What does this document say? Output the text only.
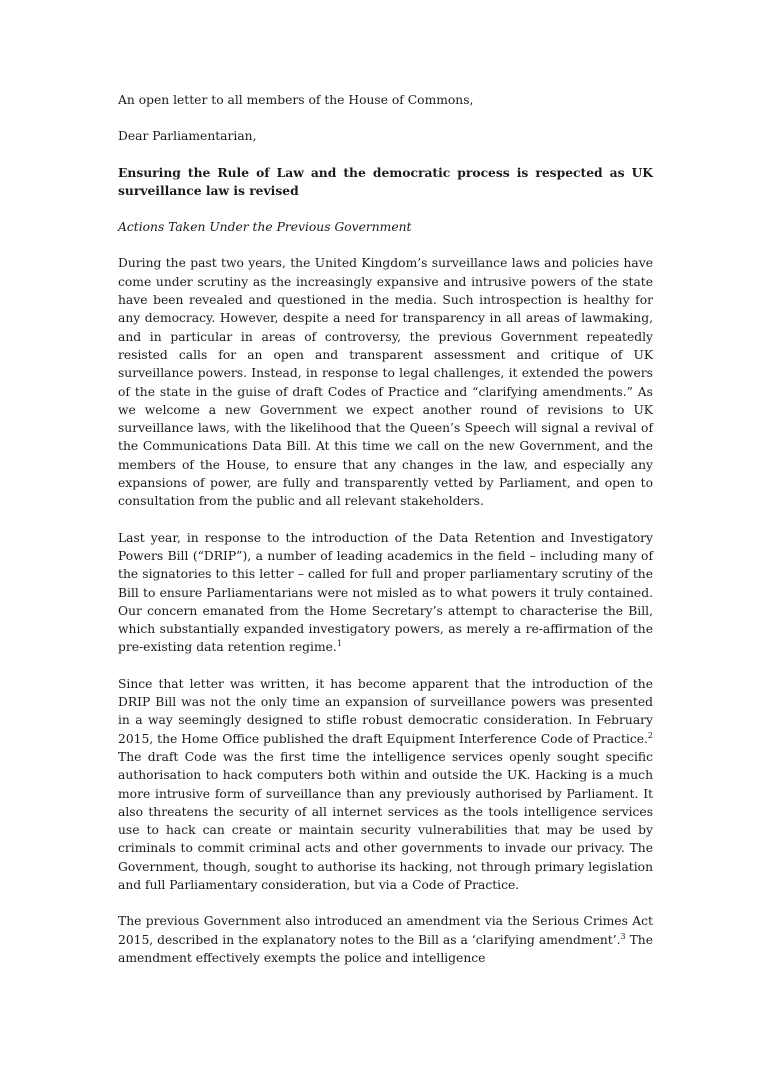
An open letter to all members of the House of Commons,

Dear Parliamentarian,

Ensuring the Rule of Law and the democratic process is respected as UK surveillance law is revised

Actions Taken Under the Previous Government

During the past two years, the United Kingdom’s surveillance laws and policies have come under scrutiny as the increasingly expansive and intrusive powers of the state have been revealed and questioned in the media. Such introspection is healthy for any democracy. However, despite a need for transparency in all areas of lawmaking, and in particular in areas of controversy, the previous Government repeatedly resisted calls for an open and transparent assessment and critique of UK surveillance powers. Instead, in response to legal challenges, it extended the powers of the state in the guise of draft Codes of Practice and “clarifying amendments.” As we welcome a new Government we expect another round of revisions to UK surveillance laws, with the likelihood that the Queen’s Speech will signal a revival of the Communications Data Bill. At this time we call on the new Government, and the members of the House, to ensure that any changes in the law, and especially any expansions of power, are fully and transparently vetted by Parliament, and open to consultation from the public and all relevant stakeholders.

Last year, in response to the introduction of the Data Retention and Investigatory Powers Bill (“DRIP”), a number of leading academics in the field – including many of the signatories to this letter – called for full and proper parliamentary scrutiny of the Bill to ensure Parliamentarians were not misled as to what powers it truly contained. Our concern emanated from the Home Secretary’s attempt to characterise the Bill, which substantially expanded investigatory powers, as merely a re-affirmation of the pre-existing data retention regime.$^1$

Since that letter was written, it has become apparent that the introduction of the DRIP Bill was not the only time an expansion of surveillance powers was presented in a way seemingly designed to stifle robust democratic consideration. In February 2015, the Home Office published the draft Equipment Interference Code of Practice.$^2$ The draft Code was the first time the intelligence services openly sought specific authorisation to hack computers both within and outside the UK. Hacking is a much more intrusive form of surveillance than any previously authorised by Parliament. It also threatens the security of all internet services as the tools intelligence services use to hack can create or maintain security vulnerabilities that may be used by criminals to commit criminal acts and other governments to invade our privacy. The Government, though, sought to authorise its hacking, not through primary legislation and full Parliamentary consideration, but via a Code of Practice.

The previous Government also introduced an amendment via the Serious Crimes Act 2015, described in the explanatory notes to the Bill as a ‘clarifying amendment’.$^3$ The amendment effectively exempts the police and intelligence
